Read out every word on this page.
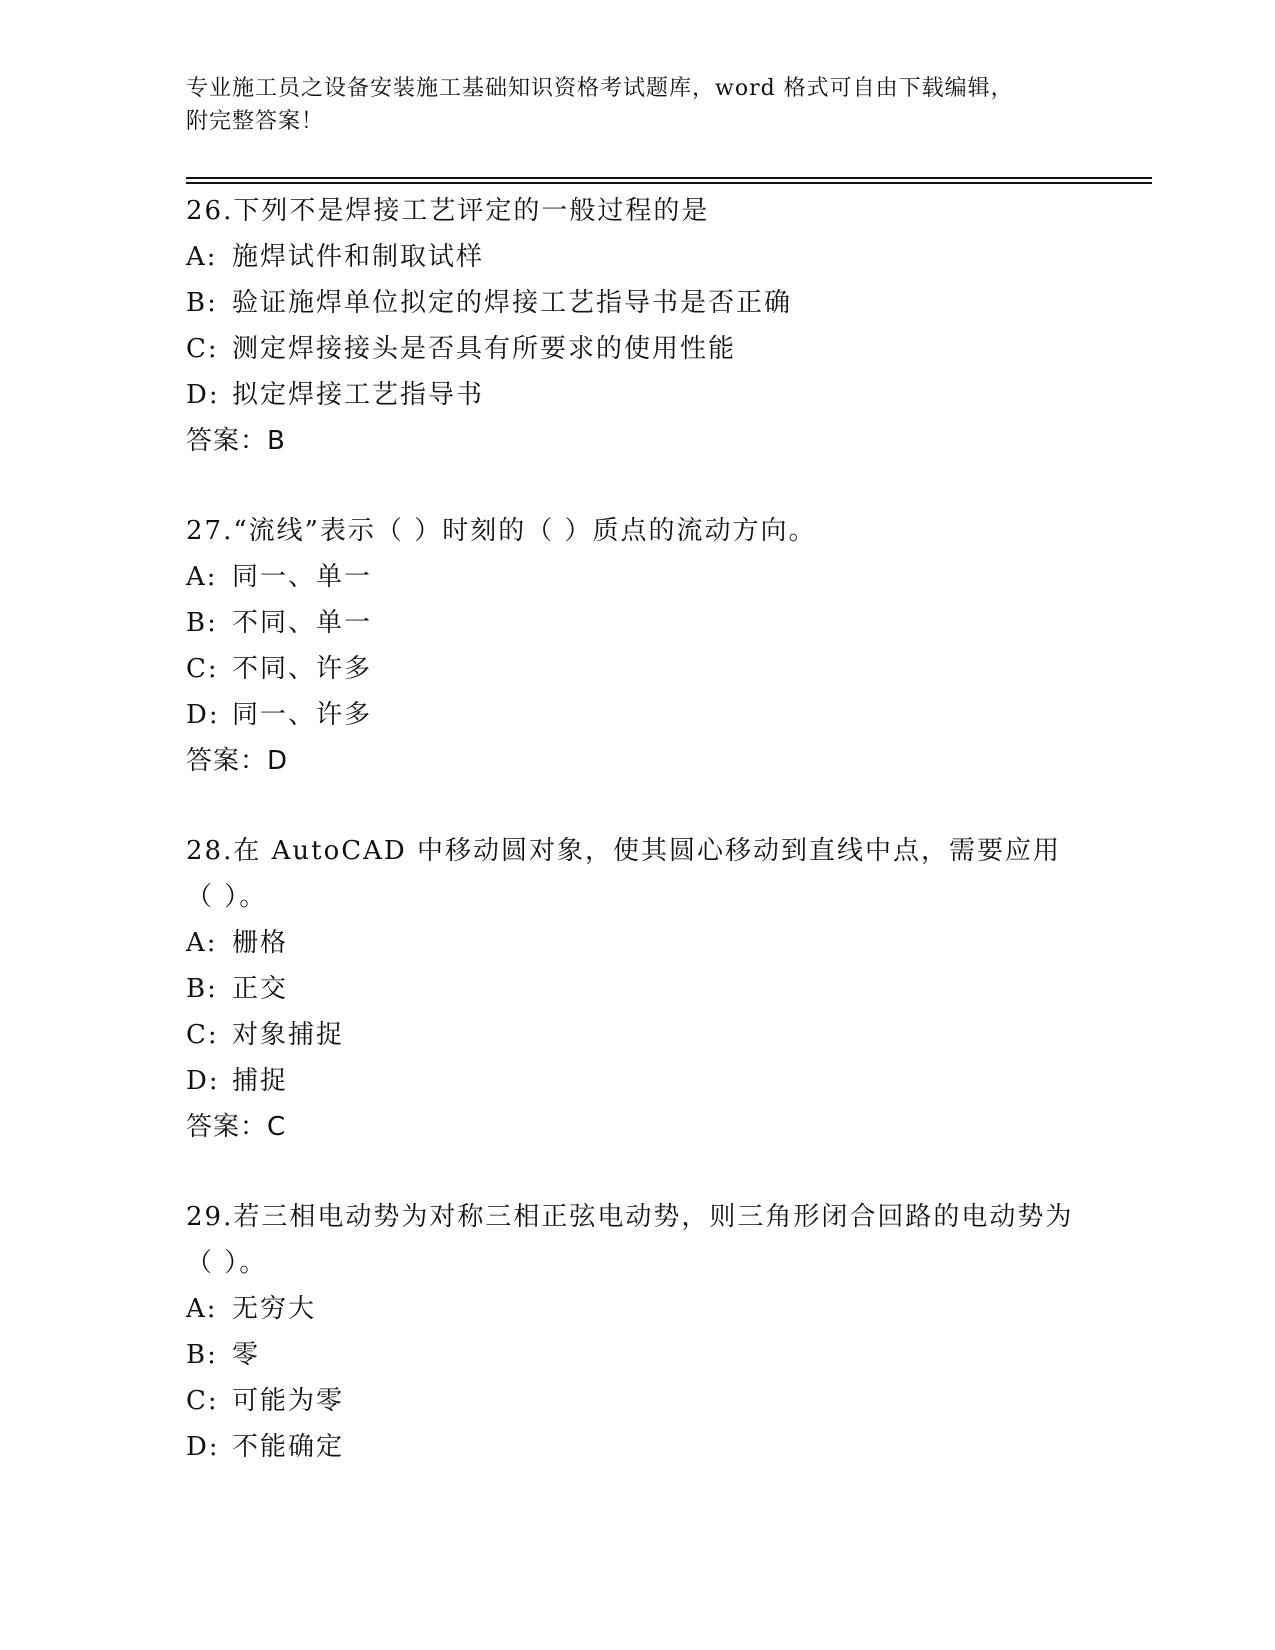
专业施工员之设备安装施工基础知识资格考试题库，word 格式可自由下载编辑，
附完整答案！
26.下列不是焊接工艺评定的一般过程的是
A: 施焊试件和制取试样
B: 验证施焊单位拟定的焊接工艺指导书是否正确
C: 测定焊接接头是否具有所要求的使用性能
D: 拟定焊接工艺指导书
答案：B
27.“流线”表示（ ）时刻的（ ）质点的流动方向。
A: 同一、单一
B: 不同、单一
C: 不同、许多
D: 同一、许多
答案：D
28.在 AutoCAD 中移动圆对象，使其圆心移动到直线中点，需要应用（ ）。
A: 栅格
B: 正交
C: 对象捕捉
D: 捕捉
答案：C
29.若三相电动势为对称三相正弦电动势，则三角形闭合回路的电动势为（ ）。
A: 无穷大
B: 零
C: 可能为零
D: 不能确定
